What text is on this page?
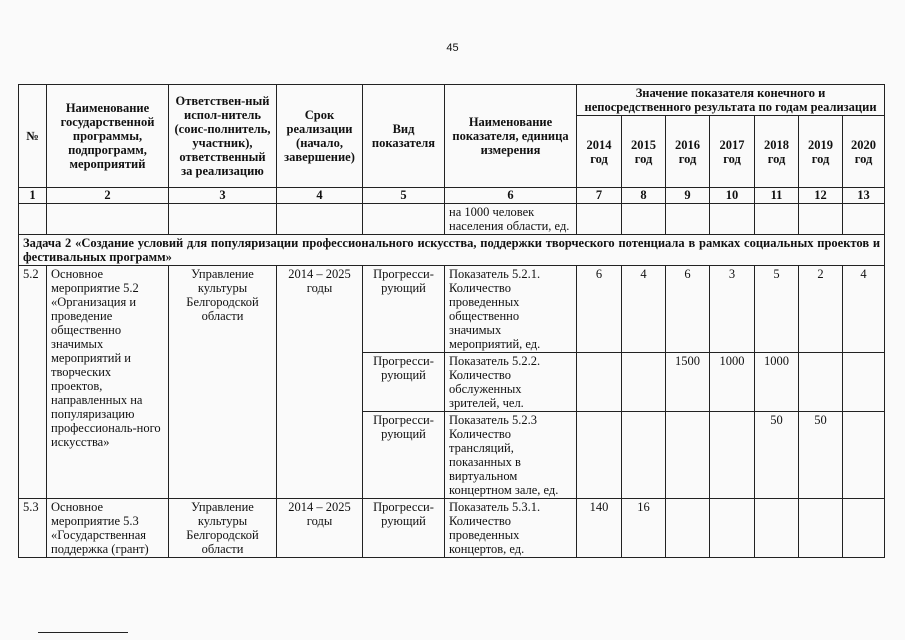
45
№	Наименование государственной программы, подпрограмм, мероприятий	Ответствен-ный испол-нитель (соис-полнитель, участник), ответственный за реализацию	Срок реализации (начало, завершение)	Вид показателя	Наименование показателя, единица измерения	Значение показателя конечного и непосредственного результата по годам реализации						
						2014 год	2015 год	2016 год	2017 год	2018 год	2019 год	2020 год
1	2	3	4	5	6	7	8	9	10	11	12	13
					на 1000 человек населения области, ед.							
Задача 2 «Создание условий для популяризации профессионального искусства, поддержки творческого потенциала в рамках социальных проектов и фестивальных программ»												
5.2	Основное мероприятие 5.2 «Организация и проведение общественно значимых мероприятий и творческих проектов, направленных на популяризацию профессиональ-ного искусства»	Управление культуры Белгородской области	2014 – 2025 годы	Прогресси-рующий	Показатель 5.2.1. Количество проведенных общественно значимых мероприятий, ед.	6	4	6	3	5	2	4
				Прогресси-рующий	Показатель 5.2.2. Количество обслуженных зрителей, чел.			1500	1000	1000		
				Прогресси-рующий	Показатель 5.2.3 Количество трансляций, показанных в виртуальном концертном зале, ед.					50	50	
5.3	Основное мероприятие 5.3 «Государственная поддержка (грант)	Управление культуры Белгородской области	2014 – 2025 годы	Прогресси-рующий	Показатель 5.3.1. Количество проведенных концертов, ед.	140	16					
